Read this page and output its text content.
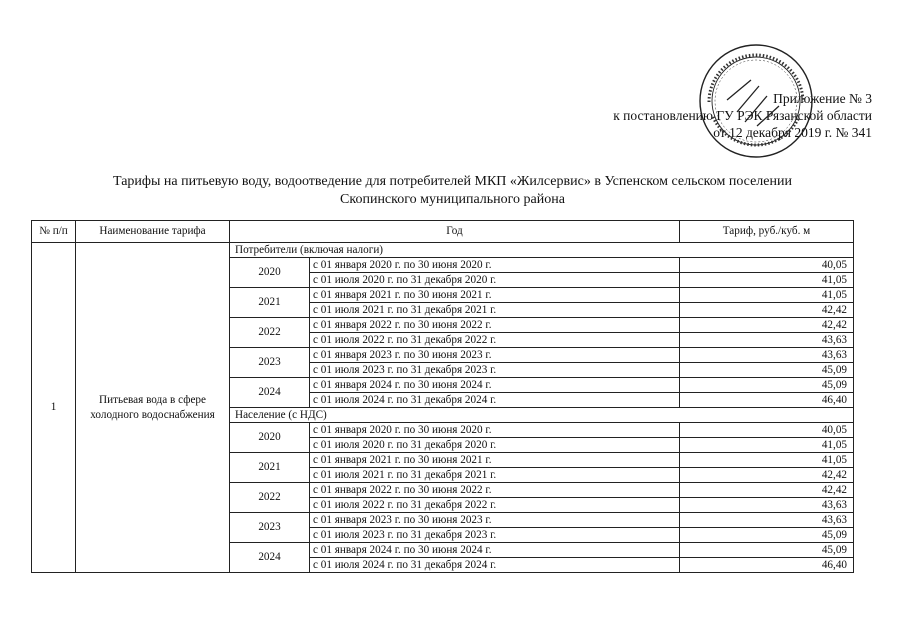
Приложение № 3
к постановлению ГУ РЭК Рязанской области
от 12 декабря 2019 г. № 341
Тарифы на питьевую воду, водоотведение для потребителей МКП «Жилсервис» в Успенском сельском поселении
Скопинского муниципального района
№ п/п	Наименование тарифа	Год		Тариф, руб./куб. м
1	Питьевая вода в сфере холодного водоснабжения	Потребители (включая налоги)		
		2020	с 01 января 2020 г. по 30 июня 2020 г.	40,05
			с 01 июля 2020 г. по 31 декабря 2020 г.	41,05
		2021	с 01 января 2021 г. по 30 июня 2021 г.	41,05
			с 01 июля 2021 г. по 31 декабря 2021 г.	42,42
		2022	с 01 января 2022 г. по 30 июня 2022 г.	42,42
			с 01 июля 2022 г. по 31 декабря 2022 г.	43,63
		2023	с 01 января 2023 г. по 30 июня 2023 г.	43,63
			с 01 июля 2023 г. по 31 декабря 2023 г.	45,09
		2024	с 01 января 2024 г. по 30 июня 2024 г.	45,09
			с 01 июля 2024 г. по 31 декабря 2024 г.	46,40
		Население (с НДС)		
		2020	с 01 января 2020 г. по 30 июня 2020 г.	40,05
			с 01 июля 2020 г. по 31 декабря 2020 г.	41,05
		2021	с 01 января 2021 г. по 30 июня 2021 г.	41,05
			с 01 июля 2021 г. по 31 декабря 2021 г.	42,42
		2022	с 01 января 2022 г. по 30 июня 2022 г.	42,42
			с 01 июля 2022 г. по 31 декабря 2022 г.	43,63
		2023	с 01 января 2023 г. по 30 июня 2023 г.	43,63
			с 01 июля 2023 г. по 31 декабря 2023 г.	45,09
		2024	с 01 января 2024 г. по 30 июня 2024 г.	45,09
			с 01 июля 2024 г. по 31 декабря 2024 г.	46,40
